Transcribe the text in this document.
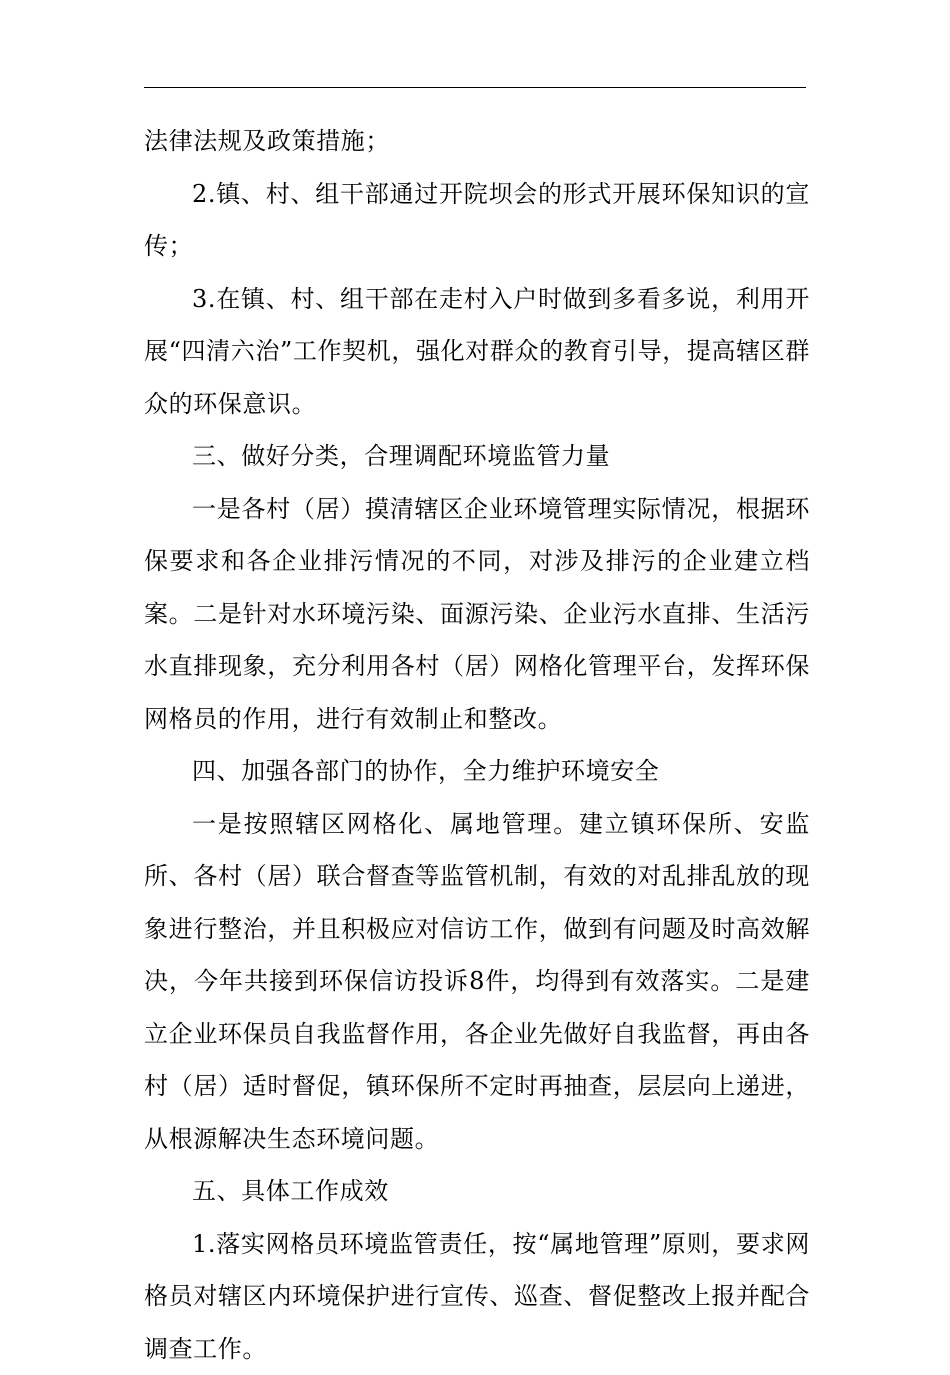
法律法规及政策措施；

2.镇、村、组干部通过开院坝会的形式开展环保知识的宣传；

3.在镇、村、组干部在走村入户时做到多看多说，利用开展“四清六治”工作契机，强化对群众的教育引导，提高辖区群众的环保意识。

三、做好分类，合理调配环境监管力量

一是各村（居）摸清辖区企业环境管理实际情况，根据环保要求和各企业排污情况的不同，对涉及排污的企业建立档案。二是针对水环境污染、面源污染、企业污水直排、生活污水直排现象，充分利用各村（居）网格化管理平台，发挥环保网格员的作用，进行有效制止和整改。

四、加强各部门的协作，全力维护环境安全

一是按照辖区网格化、属地管理。建立镇环保所、安监所、各村（居）联合督查等监管机制，有效的对乱排乱放的现象进行整治，并且积极应对信访工作，做到有问题及时高效解决，今年共接到环保信访投诉8件，均得到有效落实。二是建立企业环保员自我监督作用，各企业先做好自我监督，再由各村（居）适时督促，镇环保所不定时再抽查，层层向上递进，从根源解决生态环境问题。

五、具体工作成效

1.落实网格员环境监管责任，按“属地管理”原则，要求网格员对辖区内环境保护进行宣传、巡查、督促整改上报并配合调查工作。
